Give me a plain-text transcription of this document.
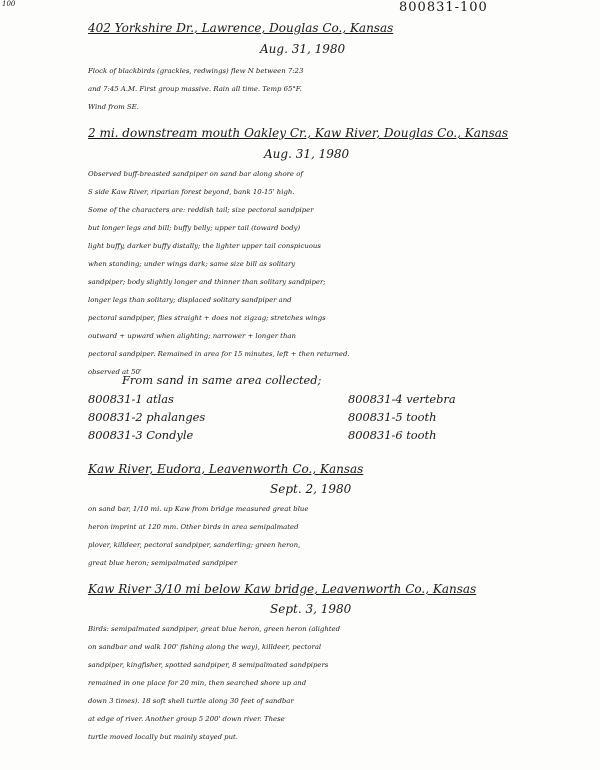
100	800831-100
402 Yorkshire Dr., Lawrence, Douglas Co., Kansas
Aug. 31, 1980
Flock of blackbirds (grackles, redwings) flew N between 7:23
and 7:45 A.M. First group massive. Rain all time. Temp 65°F.
Wind from SE.
2 mi. downstream mouth Oakley Cr., Kaw River, Douglas Co., Kansas
Aug. 31, 1980
Observed buff-breasted sandpiper on sand bar along shore of
S side Kaw River, riparian forest beyond, bank 10-15' high.
Some of the characters are: reddish tail; size pectoral sandpiper
but longer legs and bill; buffy belly; upper tail (toward body)
light buffy, darker buffy distally; the lighter upper tail conspicuous
when standing; under wings dark; same size bill as solitary
sandpiper; body slightly longer and thinner than solitary sandpiper;
longer legs than solitary; displaced solitary sandpiper and
pectoral sandpiper, flies straight + does not zigzag; stretches wings
outward + upward when alighting; narrower + longer than
pectoral sandpiper. Remained in area for 15 minutes, left + then returned.
observed at 50'
From sand in same area collected;
800831-1 atlas	800831-4 vertebra
800831-2 phalanges	800831-5 tooth
800831-3 Condyle	800831-6 tooth
Kaw River, Eudora, Leavenworth Co., Kansas
Sept. 2, 1980
on sand bar, 1/10 mi. up Kaw from bridge measured great blue
heron imprint at 120 mm. Other birds in area semipalmated
plover, killdeer, pectoral sandpiper, sanderling; green heron,
great blue heron; semipalmated sandpiper
Kaw River 3/10 mi below Kaw bridge, Leavenworth Co., Kansas
Sept. 3, 1980
Birds: semipalmated sandpiper, great blue heron, green heron (alighted
on sandbar and walk 100' fishing along the way), killdeer, pectoral
sandpiper, kingfisher, spotted sandpiper, 8 semipalmated sandpipers
remained in one place for 20 min, then searched shore up and
down 3 times). 18 soft shell turtle along 30 feet of sandbar
at edge of river. Another group 5 200' down river. These
turtle moved locally but mainly stayed put.
